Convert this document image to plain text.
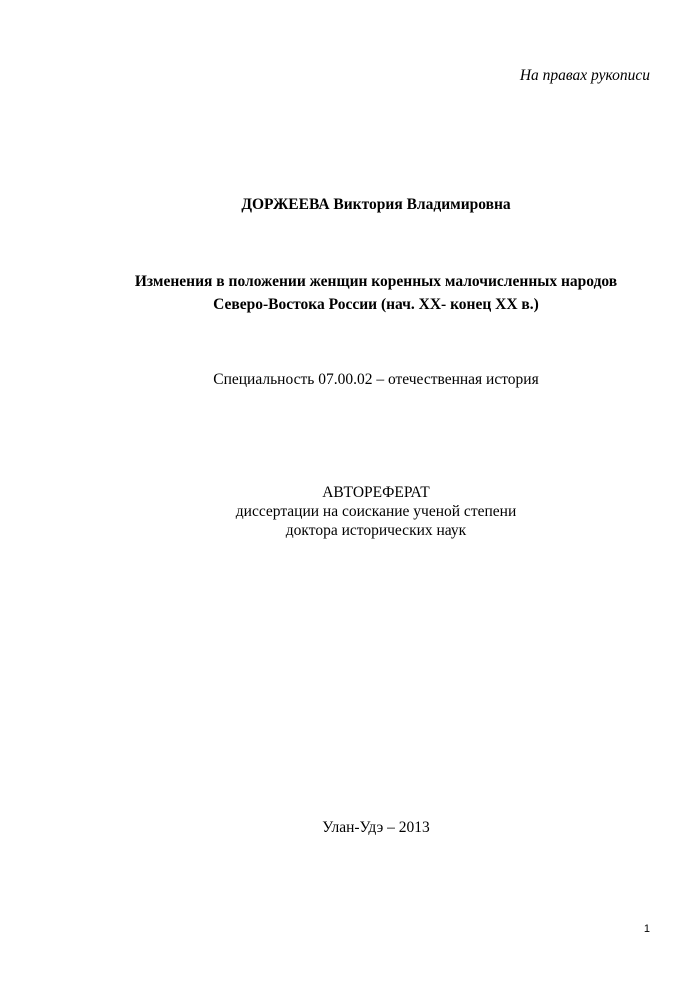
На правах рукописи
ДОРЖЕЕВА Виктория Владимировна
Изменения в положении женщин коренных малочисленных народов
Северо-Востока России (нач. XX- конец XX в.)
Специальность 07.00.02 – отечественная история
АВТОРЕФЕРАТ
диссертации на соискание ученой степени
доктора исторических наук
Улан-Удэ – 2013
1
